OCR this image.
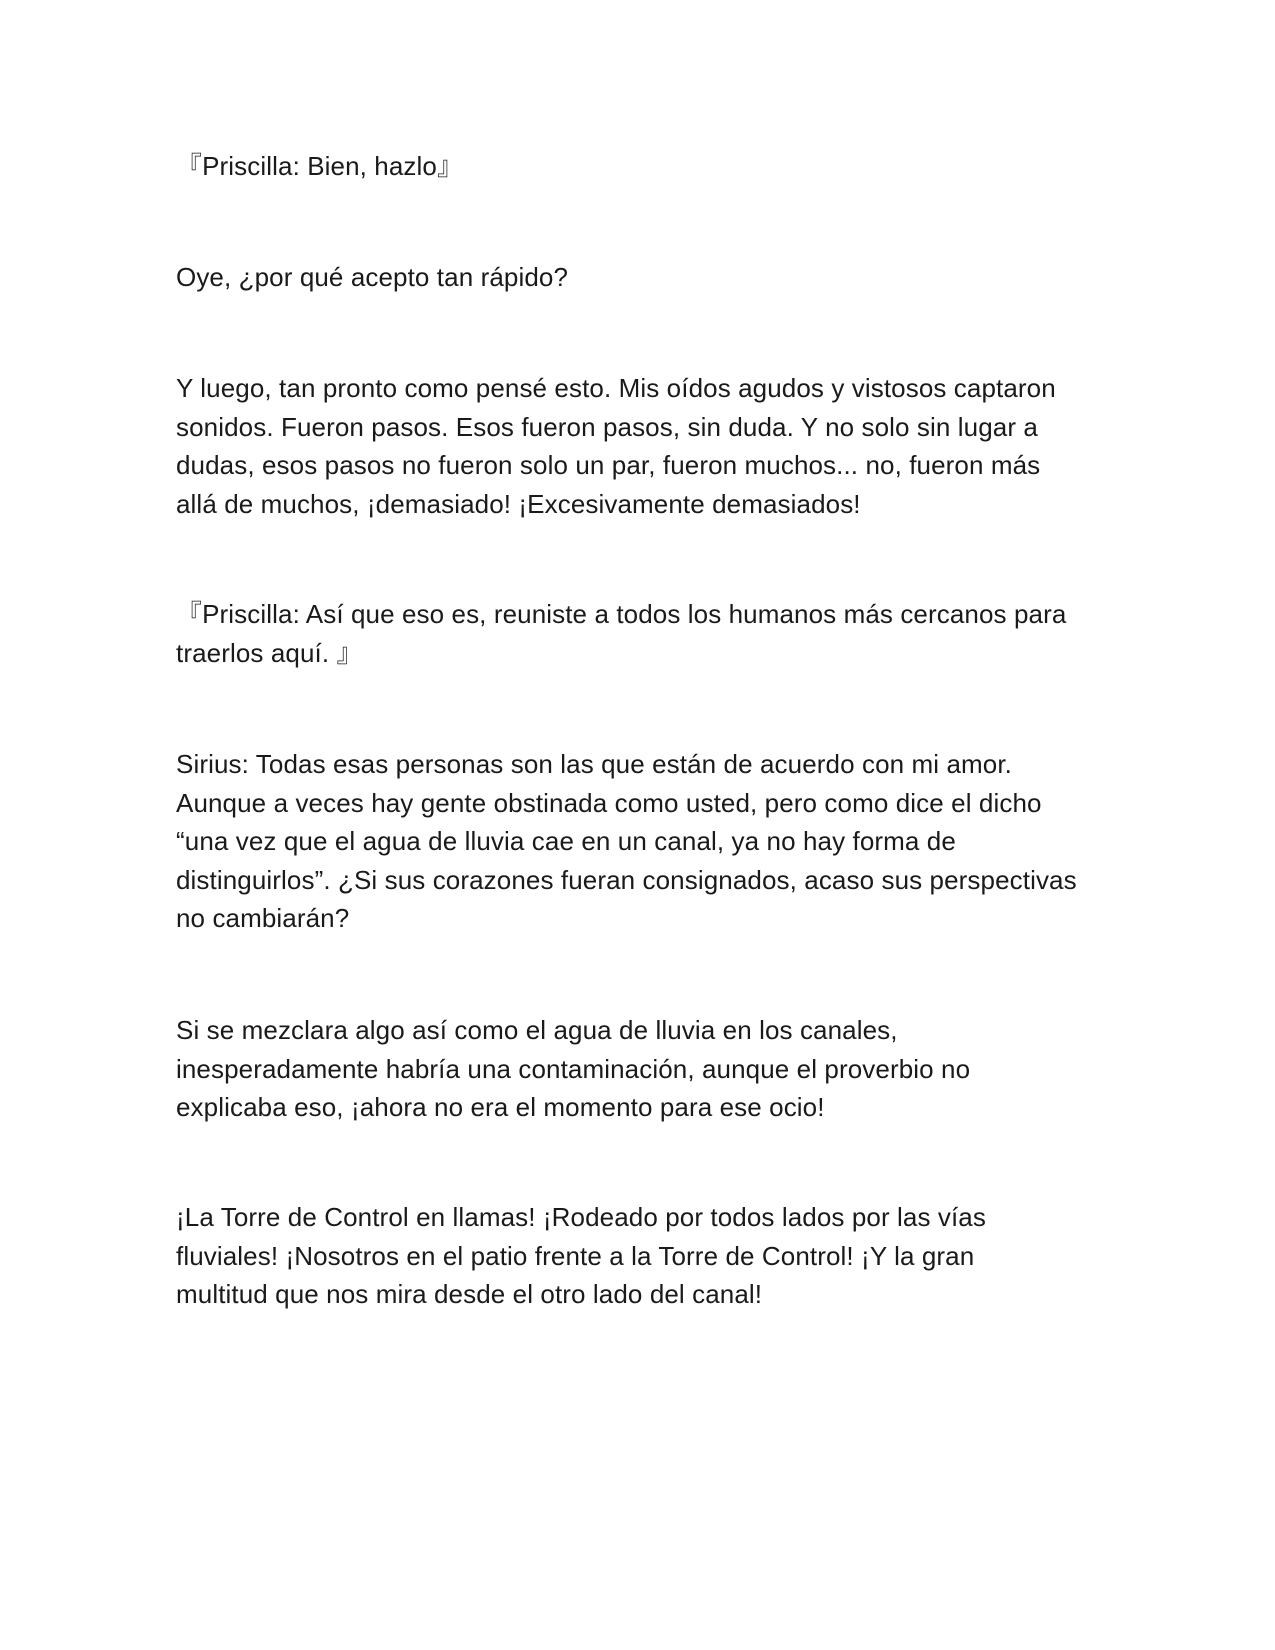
『Priscilla: Bien, hazlo』

Oye, ¿por qué acepto tan rápido?

Y luego, tan pronto como pensé esto. Mis oídos agudos y vistosos captaron
sonidos. Fueron pasos. Esos fueron pasos, sin duda. Y no solo sin lugar a
dudas, esos pasos no fueron solo un par, fueron muchos... no, fueron más
allá de muchos, ¡demasiado! ¡Excesivamente demasiados!

『Priscilla: Así que eso es, reuniste a todos los humanos más cercanos para
traerlos aquí. 』

Sirius: Todas esas personas son las que están de acuerdo con mi amor.
Aunque a veces hay gente obstinada como usted, pero como dice el dicho
“una vez que el agua de lluvia cae en un canal, ya no hay forma de
distinguirlos”. ¿Si sus corazones fueran consignados, acaso sus perspectivas
no cambiarán?

Si se mezclara algo así como el agua de lluvia en los canales,
inesperadamente habría una contaminación, aunque el proverbio no
explicaba eso, ¡ahora no era el momento para ese ocio!

¡La Torre de Control en llamas! ¡Rodeado por todos lados por las vías
fluviales! ¡Nosotros en el patio frente a la Torre de Control! ¡Y la gran
multitud que nos mira desde el otro lado del canal!
